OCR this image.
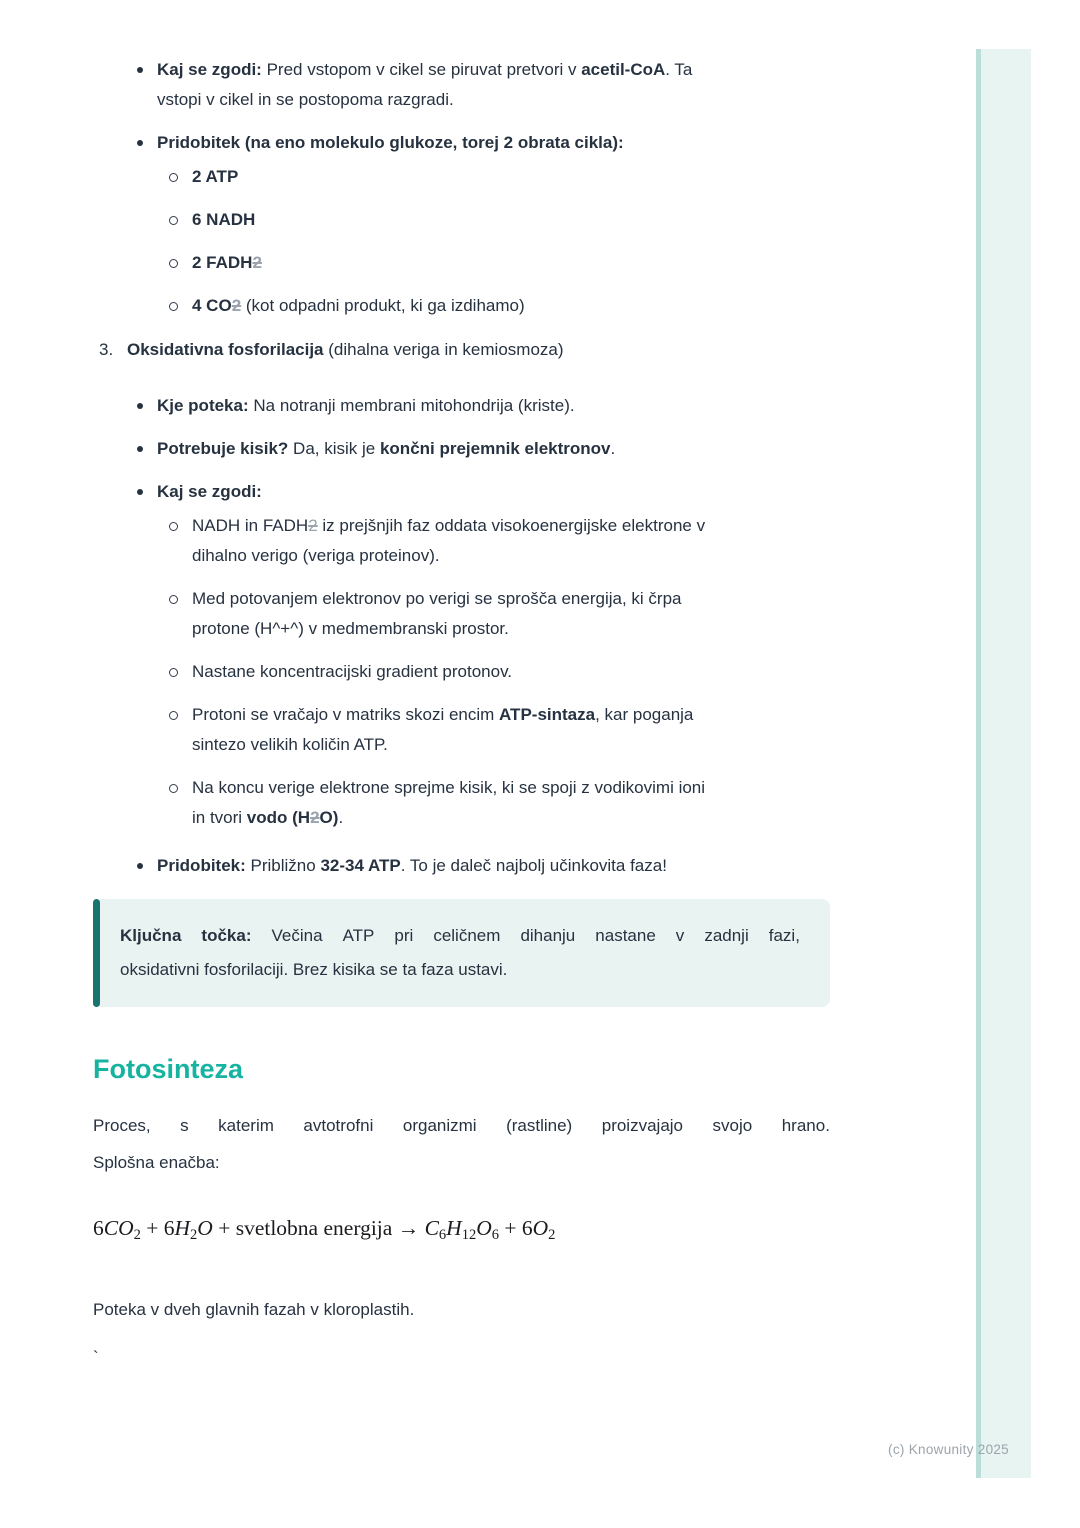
Kaj se zgodi: Pred vstopom v cikel se piruvat pretvori v acetil-CoA. Ta
vstopi v cikel in se postopoma razgradi.
Pridobitek (na eno molekulo glukoze, torej 2 obrata cikla):
2 ATP
6 NADH
2 FADH2
4 CO2 (kot odpadni produkt, ki ga izdihamo)
3. Oksidativna fosforilacija (dihalna veriga in kemiosmoza)
Kje poteka: Na notranji membrani mitohondrija (kriste).
Potrebuje kisik? Da, kisik je končni prejemnik elektronov.
Kaj se zgodi:
NADH in FADH2 iz prejšnjih faz oddata visokoenergijske elektrone v
dihalno verigo (veriga proteinov).
Med potovanjem elektronov po verigi se sprošča energija, ki črpa
protone (H^+^) v medmembranski prostor.
Nastane koncentracijski gradient protonov.
Protoni se vračajo v matriks skozi encim ATP-sintaza, kar poganja
sintezo velikih količin ATP.
Na koncu verige elektrone sprejme kisik, ki se spoji z vodikovimi ioni
in tvori vodo (H2O).
Pridobitek: Približno 32-34 ATP. To je daleč najbolj učinkovita faza!
Ključna točka: Večina ATP pri celičnem dihanju nastane v zadnji fazi,
oksidativni fosforilaciji. Brez kisika se ta faza ustavi.
Fotosinteza
Proces, s katerim avtotrofni organizmi (rastline) proizvajajo svojo hrano.
Splošna enačba:
$6CO_2 + 6H_2O$ + svetlobna energija → $C_6H_{12}O_6 + 6O_2$
Poteka v dveh glavnih fazah v kloroplastih.
`
(c) Knowunity 2025
